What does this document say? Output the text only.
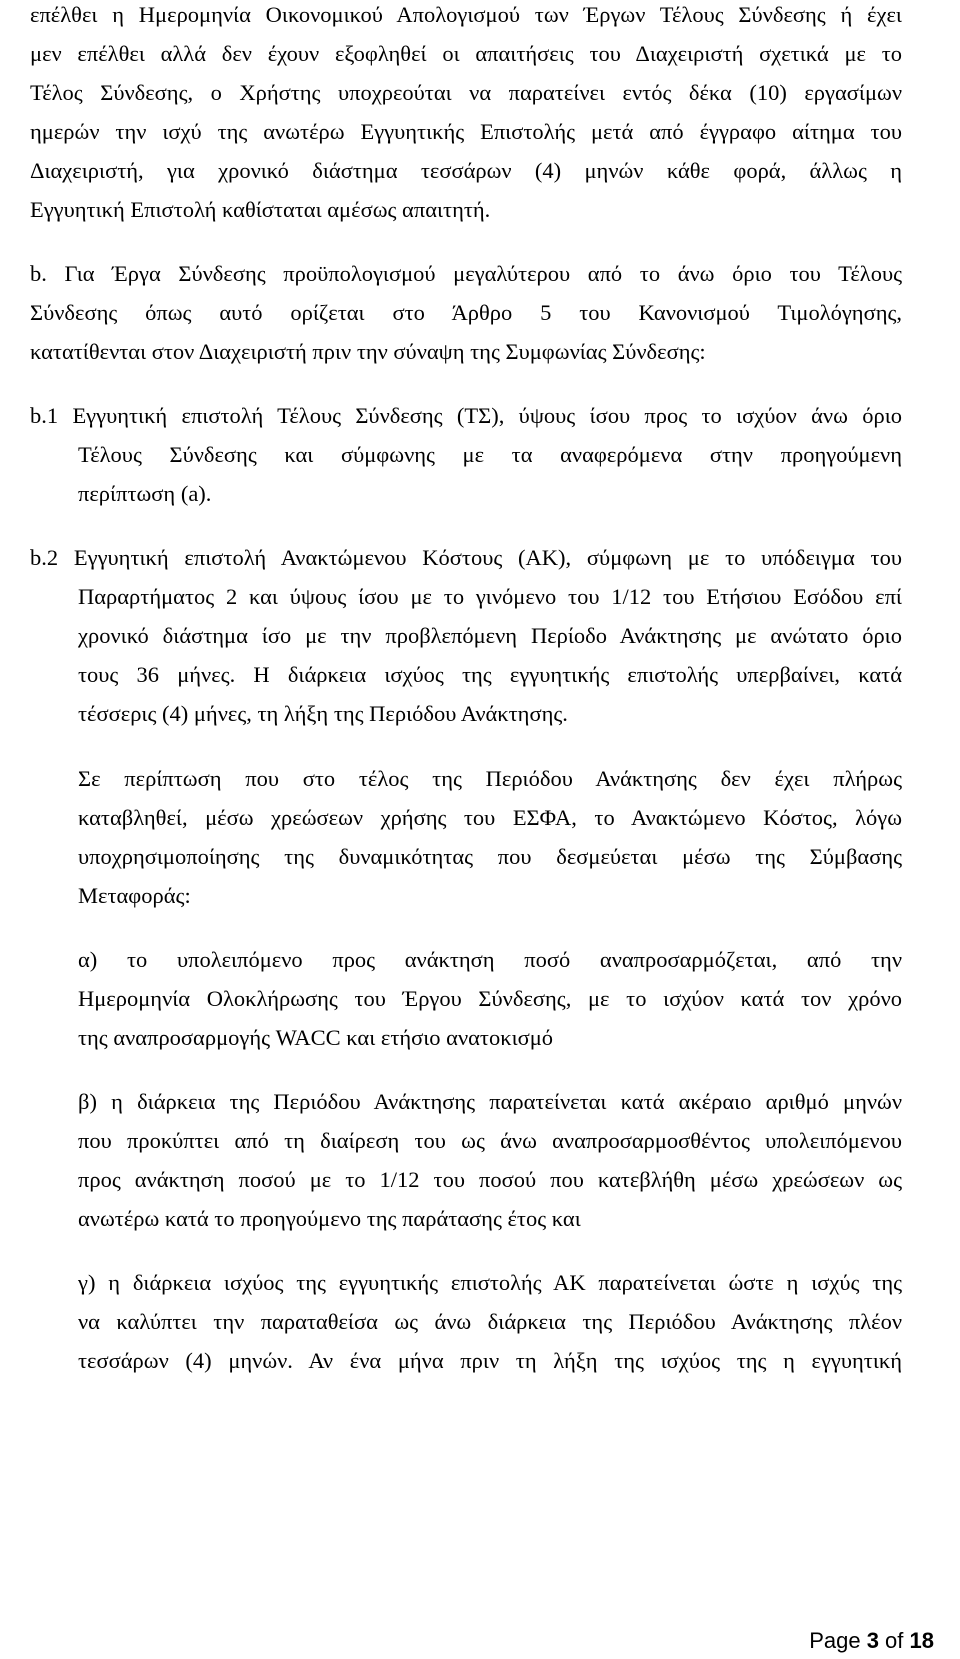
επέλθει η Ημερομηνία Οικονομικού Απολογισμού των Έργων Τέλους Σύνδεσης ή έχει

μεν επέλθει αλλά δεν έχουν εξοφληθεί οι απαιτήσεις του Διαχειριστή σχετικά με το

Τέλος Σύνδεσης, ο Χρήστης υποχρεούται να παρατείνει εντός δέκα (10) εργασίμων

ημερών την ισχύ της ανωτέρω Εγγυητικής Επιστολής μετά από έγγραφο αίτημα του

Διαχειριστή, για χρονικό διάστημα τεσσάρων (4) μηνών κάθε φορά, άλλως η

Εγγυητική Επιστολή καθίσταται αμέσως απαιτητή.

b. Για Έργα Σύνδεσης προϋπολογισμού μεγαλύτερου από το άνω όριο του Τέλους

Σύνδεσης όπως αυτό ορίζεται στο Άρθρο 5 του Κανονισμού Τιμολόγησης,

κατατίθενται στον Διαχειριστή πριν την σύναψη της Συμφωνίας Σύνδεσης:

b.1 Εγγυητική επιστολή Τέλους Σύνδεσης (ΤΣ), ύψους ίσου προς το ισχύον άνω όριο

Τέλους Σύνδεσης και σύμφωνης με τα αναφερόμενα στην προηγούμενη

περίπτωση (a).

b.2 Εγγυητική επιστολή Ανακτώμενου Κόστους (ΑΚ), σύμφωνη με το υπόδειγμα του

Παραρτήματος 2 και ύψους ίσου με το γινόμενο του 1/12 του Ετήσιου Εσόδου επί

χρονικό διάστημα ίσο με την προβλεπόμενη Περίοδο Ανάκτησης με ανώτατο όριο

τους 36 μήνες. Η διάρκεια ισχύος της εγγυητικής επιστολής υπερβαίνει, κατά

τέσσερις (4) μήνες, τη λήξη της Περιόδου Ανάκτησης.

Σε περίπτωση που στο τέλος της Περιόδου Ανάκτησης δεν έχει πλήρως

καταβληθεί, μέσω χρεώσεων χρήσης του ΕΣΦΑ, το Ανακτώμενο Κόστος, λόγω

υποχρησιμοποίησης της δυναμικότητας που δεσμεύεται μέσω της Σύμβασης

Μεταφοράς:

α) το υπολειπόμενο προς ανάκτηση ποσό αναπροσαρμόζεται, από την

Ημερομηνία Ολοκλήρωσης του Έργου Σύνδεσης, με το ισχύον κατά τον χρόνο

της αναπροσαρμογής WACC και ετήσιο ανατοκισμό

β) η διάρκεια της Περιόδου Ανάκτησης παρατείνεται κατά ακέραιο αριθμό μηνών

που προκύπτει από τη διαίρεση του ως άνω αναπροσαρμοσθέντος υπολειπόμενου

προς ανάκτηση ποσού με το 1/12 του ποσού που κατεβλήθη μέσω χρεώσεων ως

ανωτέρω κατά το προηγούμενο της παράτασης έτος και

γ) η διάρκεια ισχύος της εγγυητικής επιστολής ΑΚ παρατείνεται ώστε η ισχύς της

να καλύπτει την παραταθείσα ως άνω διάρκεια της Περιόδου Ανάκτησης πλέον

τεσσάρων (4) μηνών. Αν ένα μήνα πριν τη λήξη της ισχύος της η εγγυητική

Page 3 of 18
